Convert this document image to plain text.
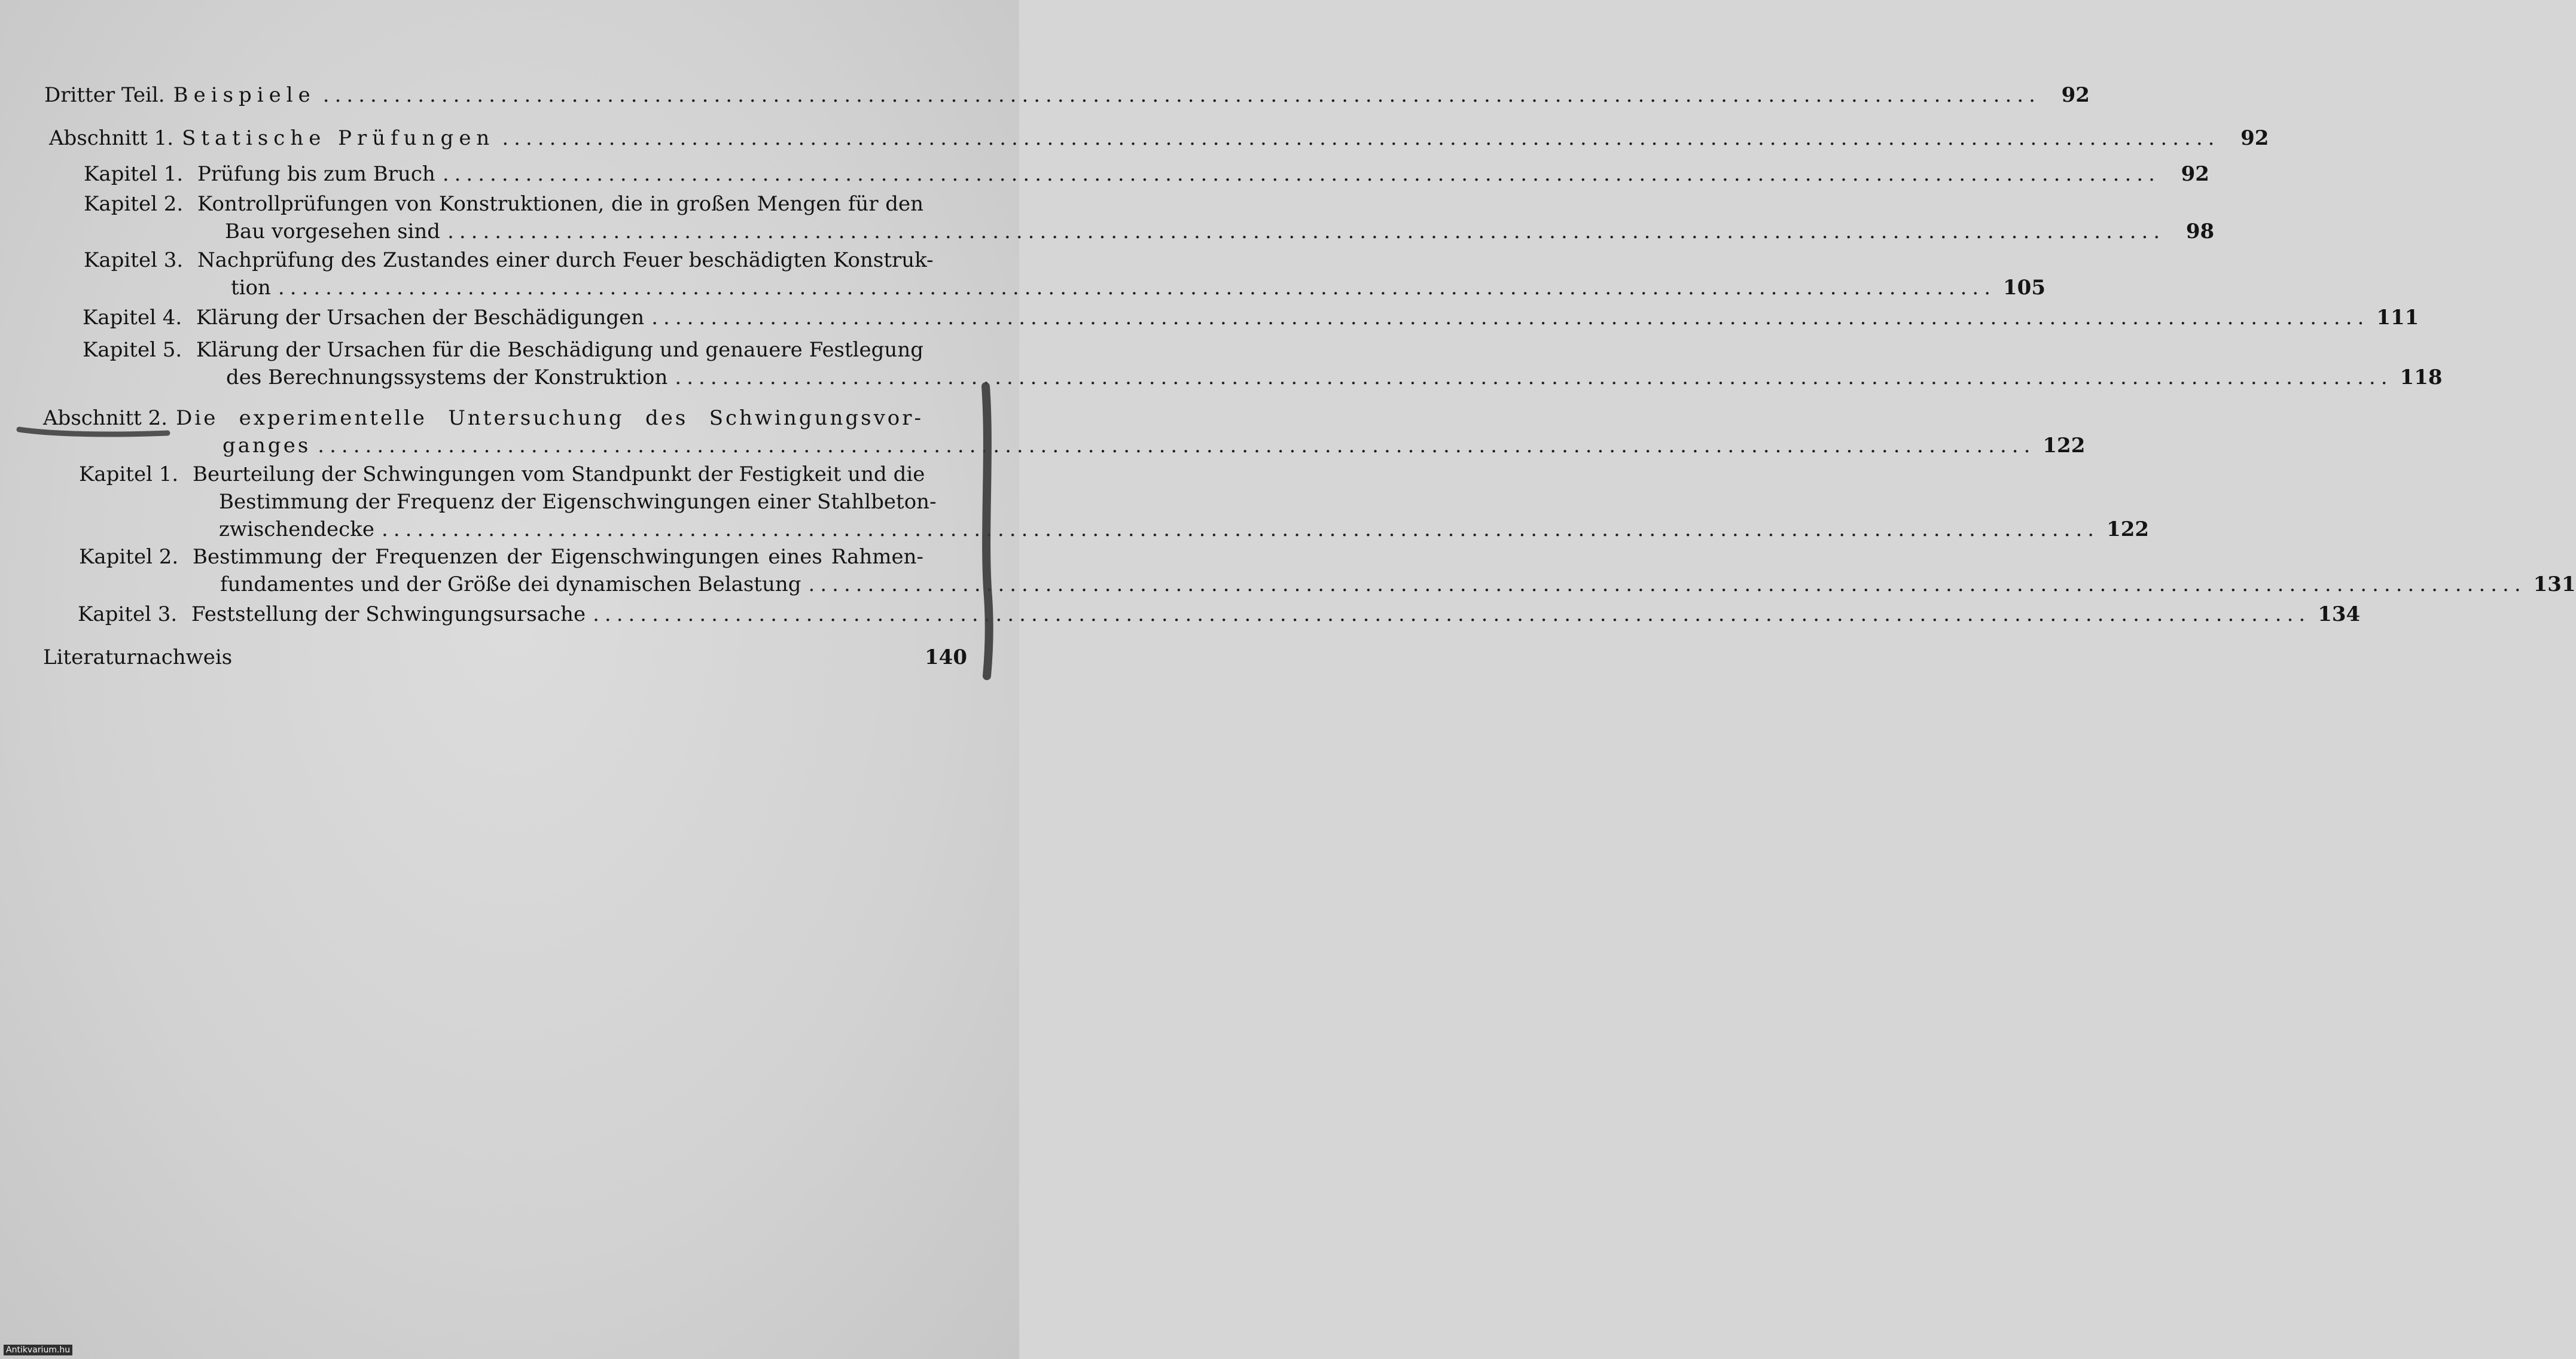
Dritter Teil. Beispiele .................................................................................................................................................	92
Abschnitt 1. Statische Prüfungen .................................................................................................................................................	92
Kapitel 1. Prüfung bis zum Bruch .................................................................................................................................................	92
Kapitel 2. Kontrollprüfungen von Konstruktionen, die in großen Mengen für den
Bau vorgesehen sind .................................................................................................................................................	98
Kapitel 3. Nachprüfung des Zustandes einer durch Feuer beschädigten Konstruk-
tion ................................................................................................................................................. 105
Kapitel 4. Klärung der Ursachen der Beschädigungen ................................................................................................................................................. 111
Kapitel 5. Klärung der Ursachen für die Beschädigung und genauere Festlegung
des Berechnungssystems der Konstruktion ................................................................................................................................................. 118
Abschnitt 2. Die experimentelle Untersuchung des Schwingungsvor-
ganges ................................................................................................................................................. 122
Kapitel 1. Beurteilung der Schwingungen vom Standpunkt der Festigkeit und die
Bestimmung der Frequenz der Eigenschwingungen einer Stahlbeton-
zwischendecke ................................................................................................................................................. 122
Kapitel 2. Bestimmung der Frequenzen der Eigenschwingungen eines Rahmen-
fundamentes und der Größe dei dynamischen Belastung ................................................................................................................................................. 131
Kapitel 3. Feststellung der Schwingungsursache ................................................................................................................................................. 134
Literaturnachweis	140
Antikvarium.hu
